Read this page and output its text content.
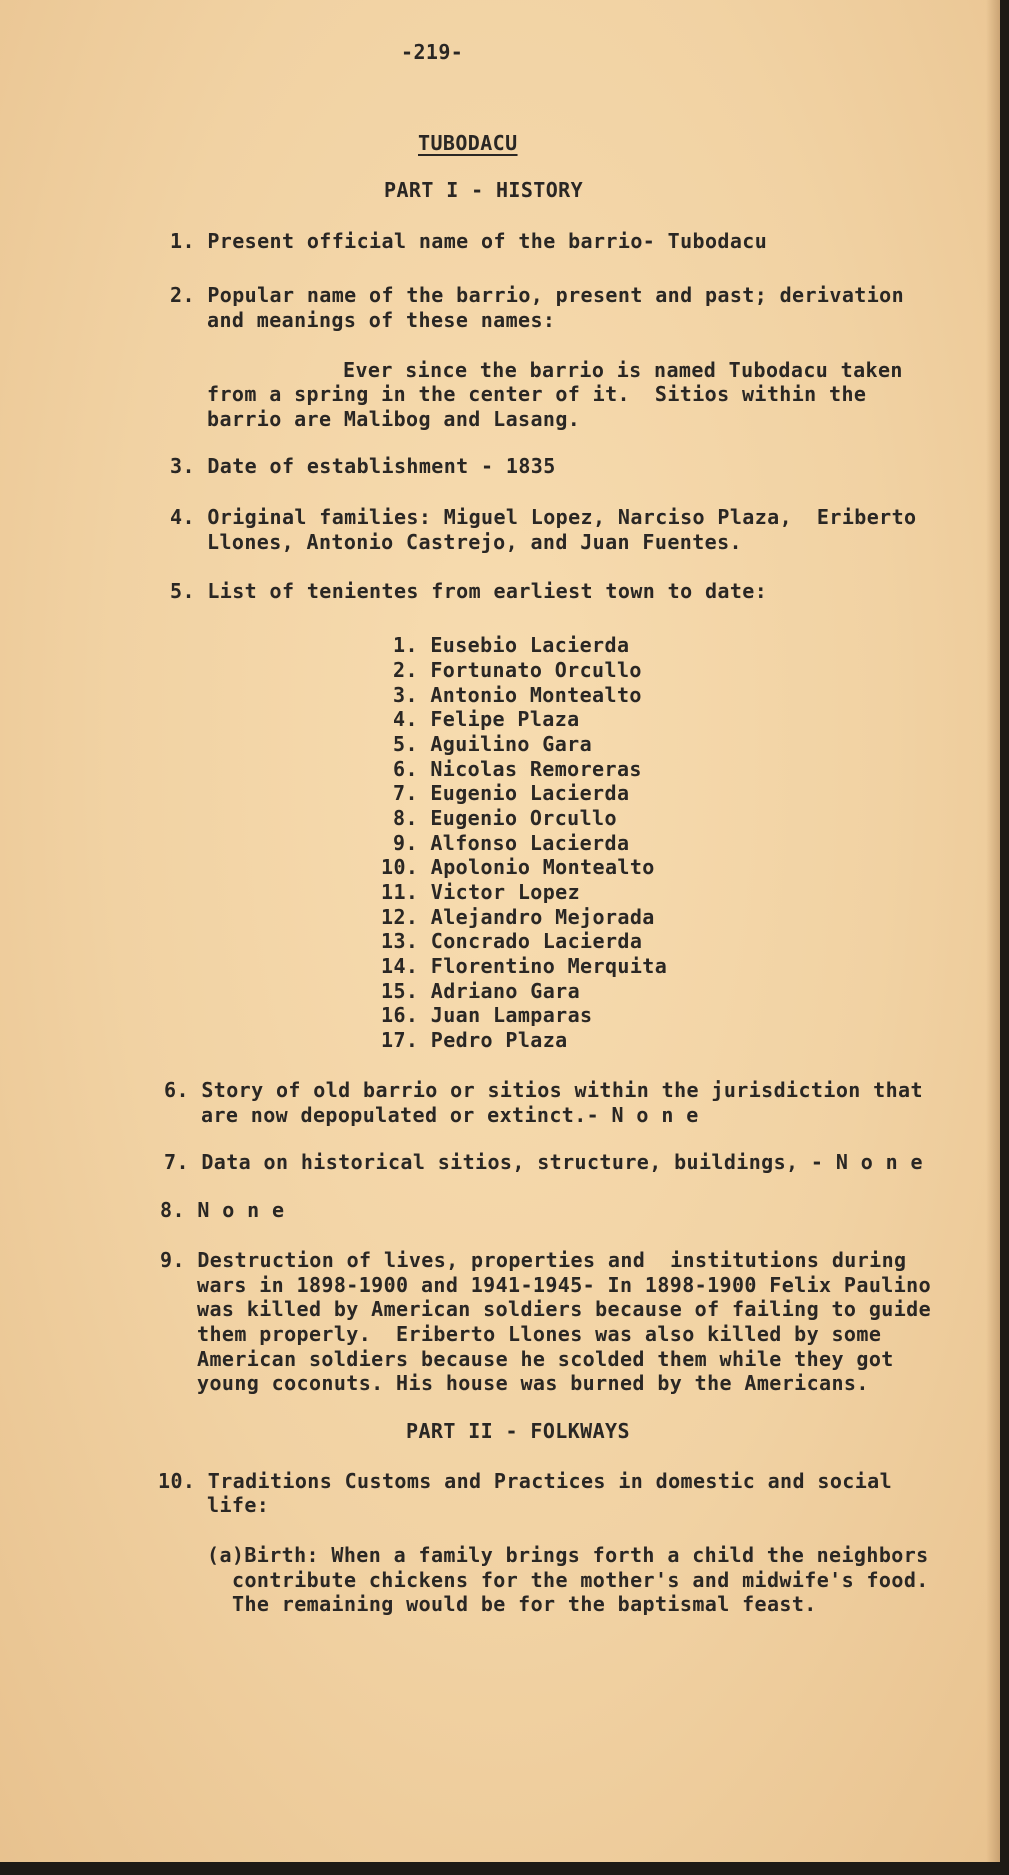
-219-
TUBODACU
PART I - HISTORY
1. Present official name of the barrio- Tubodacu
2. Popular name of the barrio, present and past; derivation
and meanings of these names:
Ever since the barrio is named Tubodacu taken
from a spring in the center of it.  Sitios within the
barrio are Malibog and Lasang.
3. Date of establishment - 1835
4. Original families: Miguel Lopez, Narciso Plaza,  Eriberto
Llones, Antonio Castrejo, and Juan Fuentes.
5. List of tenientes from earliest town to date:
1. Eusebio Lacierda
2. Fortunato Orcullo
3. Antonio Montealto
4. Felipe Plaza
5. Aguilino Gara
6. Nicolas Remoreras
7. Eugenio Lacierda
8. Eugenio Orcullo
9. Alfonso Lacierda
10. Apolonio Montealto
11. Victor Lopez
12. Alejandro Mejorada
13. Concrado Lacierda
14. Florentino Merquita
15. Adriano Gara
16. Juan Lamparas
17. Pedro Plaza
6. Story of old barrio or sitios within the jurisdiction that
are now depopulated or extinct.- N o n e
7. Data on historical sitios, structure, buildings, - N o n e
8. N o n e
9. Destruction of lives, properties and  institutions during
wars in 1898-1900 and 1941-1945- In 1898-1900 Felix Paulino
was killed by American soldiers because of failing to guide
them properly.  Eriberto Llones was also killed by some
American soldiers because he scolded them while they got
young coconuts. His house was burned by the Americans.
PART II - FOLKWAYS
10. Traditions Customs and Practices in domestic and social
life:
(a)Birth: When a family brings forth a child the neighbors
contribute chickens for the mother's and midwife's food.
The remaining would be for the baptismal feast.
